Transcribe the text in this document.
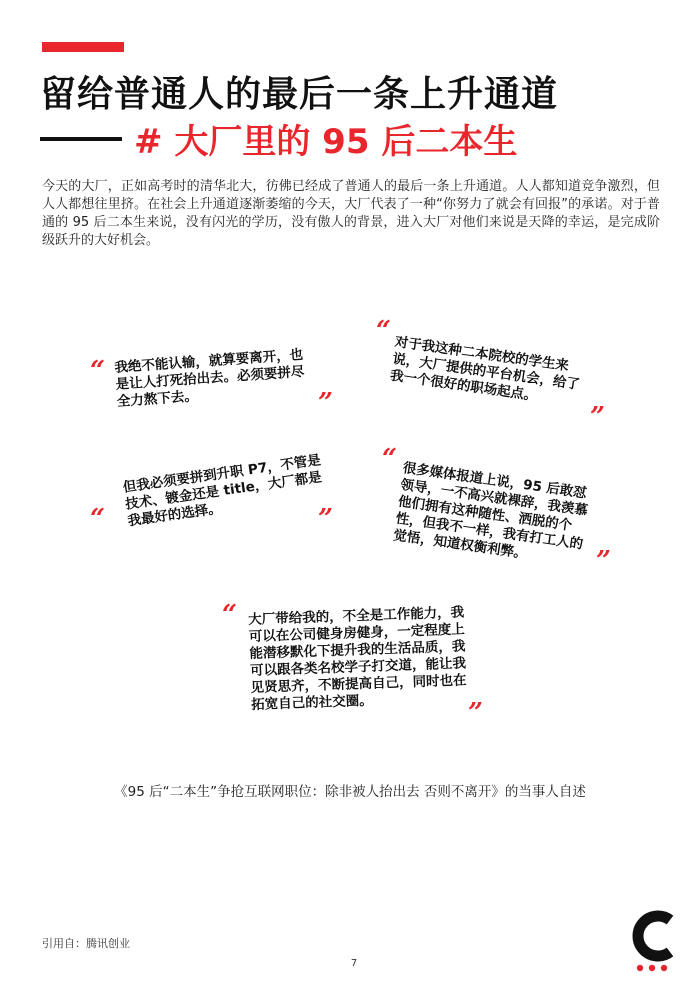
留给普通人的最后一条上升通道
# 大厂里的 95 后二本生

今天的大厂，正如高考时的清华北大，彷佛已经成了普通人的最后一条上升通道。人人都知道竞争激烈，但人人都想往里挤。在社会上升通道逐渐萎缩的今天，大厂代表了一种“你努力了就会有回报”的承诺。对于普通的 95 后二本生来说，没有闪光的学历，没有傲人的背景，进入大厂对他们来说是天降的幸运，是完成阶级跃升的大好机会。

“ 我绝不能认输，就算要离开，也是让人打死抬出去。必须要拼尽全力熬下去。	”
“

对于我这种二本院校的学生来说，大厂提供的平台机会，给了我一个很好的职场起点。

”
“

但我必须要拼到升职 P7，不管是技术、镀金还是 title，大厂都是我最好的选择。	”
“

很多媒体报道上说，95 后敢怼领导，一不高兴就裸辞，我羡慕他们拥有这种随性、洒脱的个性，但我不一样，我有打工人的觉悟，知道权衡利弊。	”
“ 大厂带给我的，不全是工作能力，我可以在公司健身房健身，一定程度上能潜移默化下提升我的生活品质，我可以跟各类名校学子打交道，能让我见贤思齐，不断提高自己，同时也在拓宽自己的社交圈。	”

《95 后“二本生”争抢互联网职位：除非被人抬出去 否则不离开》的当事人自述

引用自：腾讯创业

7
